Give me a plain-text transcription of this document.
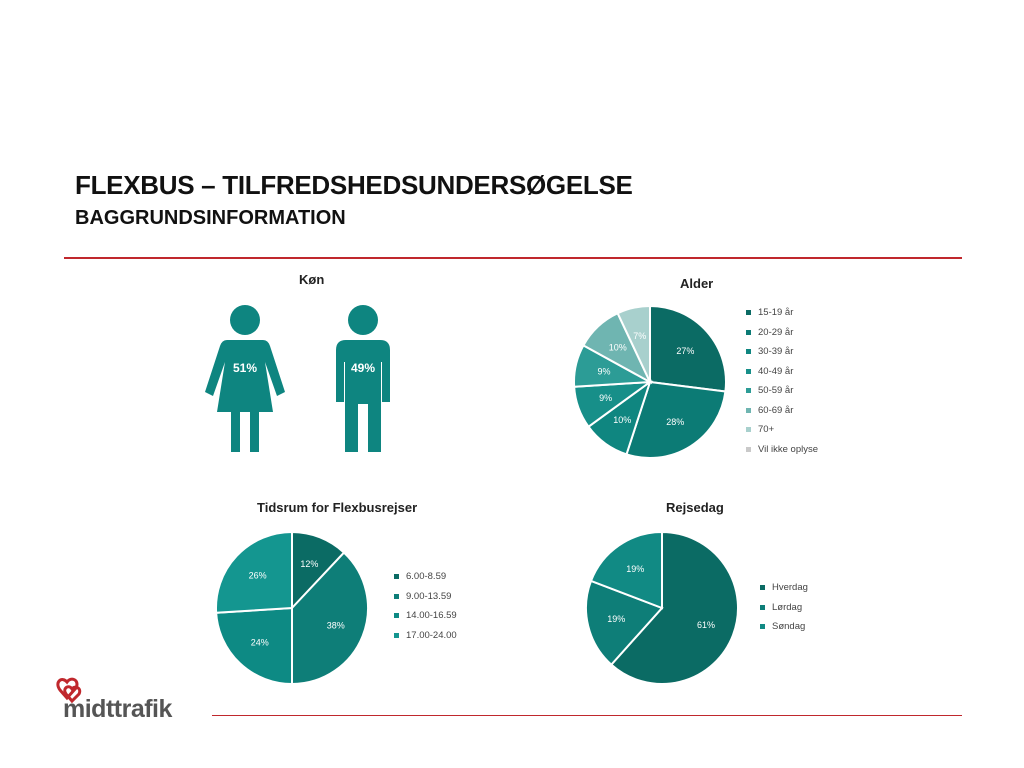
FLEXBUS – TILFREDSHEDSUNDERSØGELSE
BAGGRUNDSINFORMATION
Køn
51%	49%
Alder
27%
28%
10%
9%
9%
10%
7%
15-19 år
20-29 år
30-39 år
40-49 år
50-59 år
60-69 år
70+
Vil ikke oplyse
Tidsrum for Flexbusrejser
12%
38%
24%
26%	6.00-8.59
9.00-13.59
14.00-16.59
17.00-24.00
Rejsedag
61%
19%
19%
Hverdag
Lørdag
Søndag
midttrafik
